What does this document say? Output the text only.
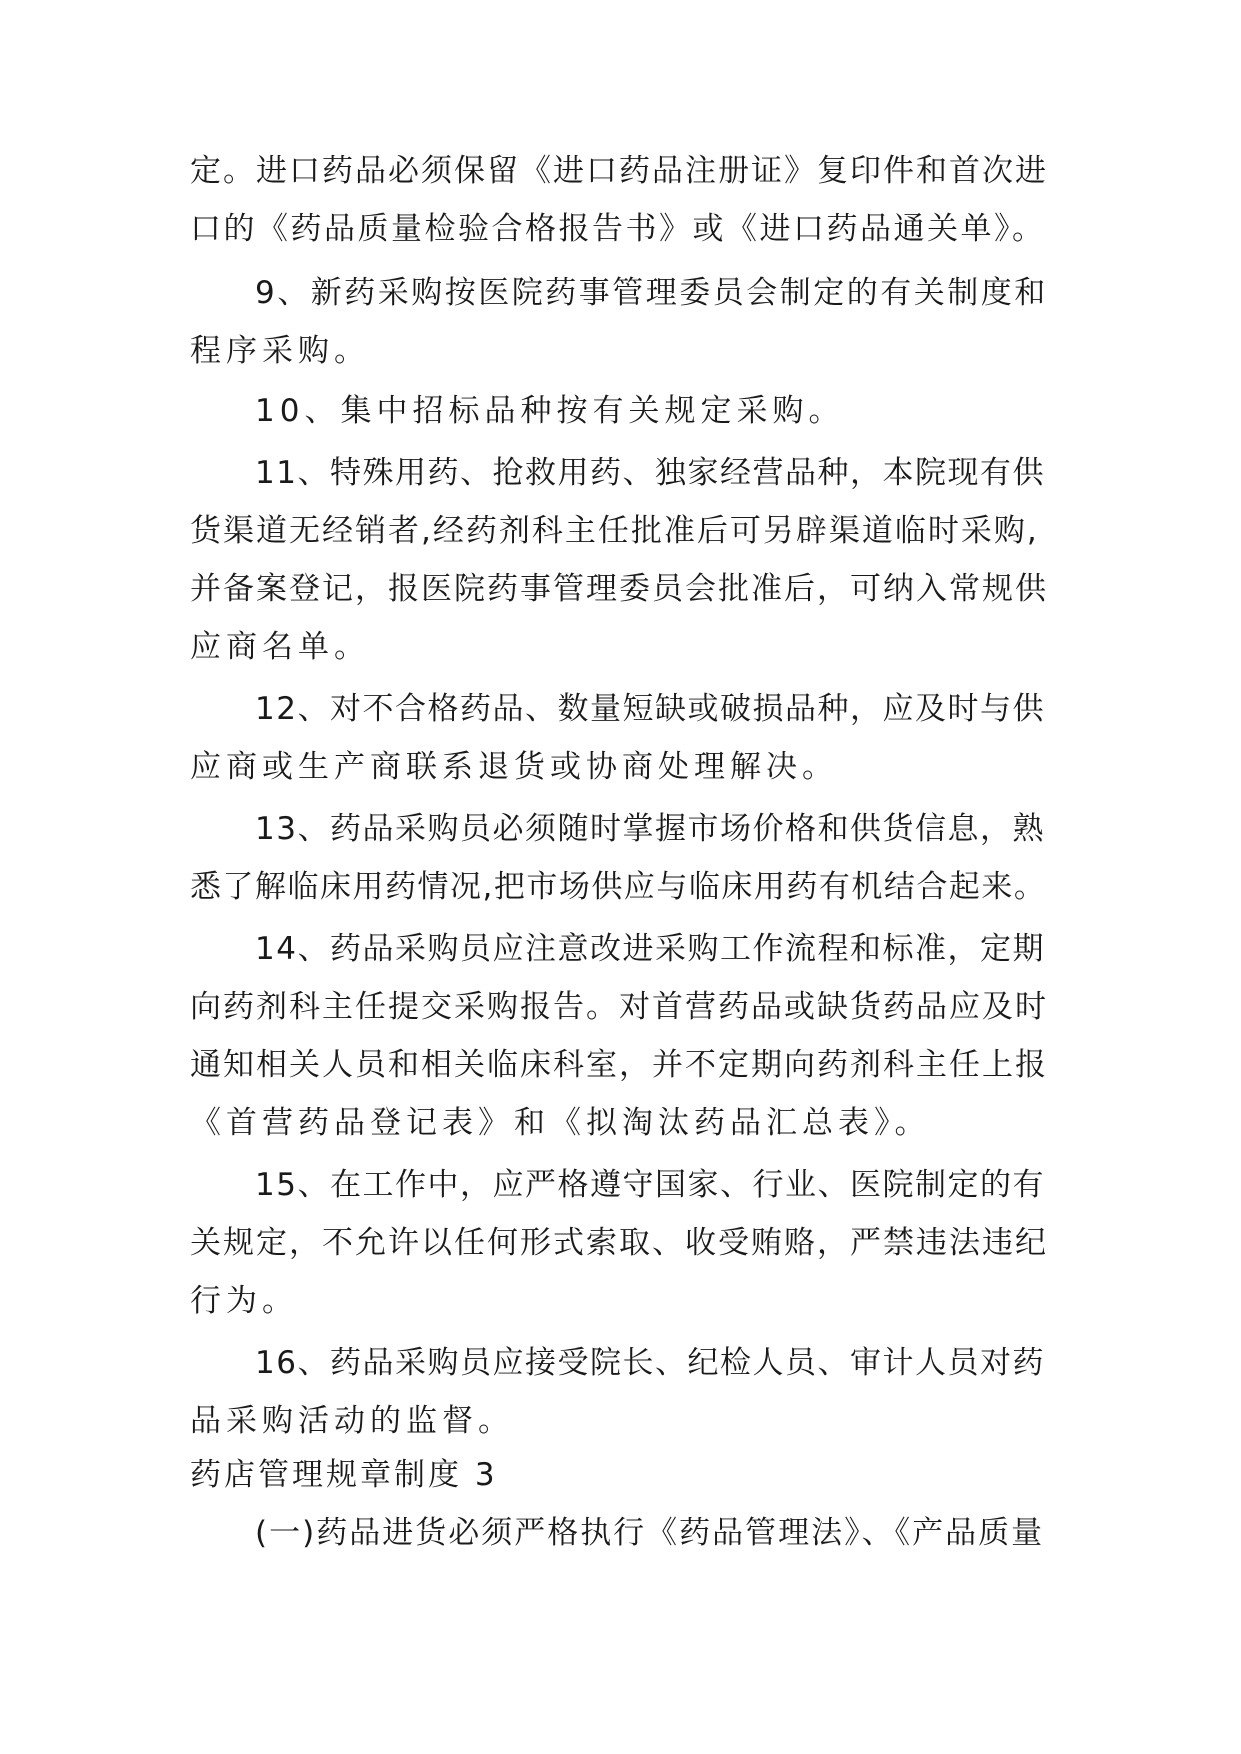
定。进口药品必须保留《进口药品注册证》复印件和首次进
口的《药品质量检验合格报告书》或《进口药品通关单》。
9、新药采购按医院药事管理委员会制定的有关制度和
程序采购。
10、集中招标品种按有关规定采购。
11、特殊用药、抢救用药、独家经营品种，本院现有供
货渠道无经销者,经药剂科主任批准后可另辟渠道临时采购,
并备案登记，报医院药事管理委员会批准后，可纳入常规供
应商名单。
12、对不合格药品、数量短缺或破损品种，应及时与供
应商或生产商联系退货或协商处理解决。
13、药品采购员必须随时掌握市场价格和供货信息，熟
悉了解临床用药情况,把市场供应与临床用药有机结合起来。
14、药品采购员应注意改进采购工作流程和标准，定期
向药剂科主任提交采购报告。对首营药品或缺货药品应及时
通知相关人员和相关临床科室，并不定期向药剂科主任上报
《首营药品登记表》和《拟淘汰药品汇总表》。
15、在工作中，应严格遵守国家、行业、医院制定的有
关规定，不允许以任何形式索取、收受贿赂，严禁违法违纪
行为。
16、药品采购员应接受院长、纪检人员、审计人员对药
品采购活动的监督。
药店管理规章制度 3
(一)药品进货必须严格执行《药品管理法》、《产品质量
